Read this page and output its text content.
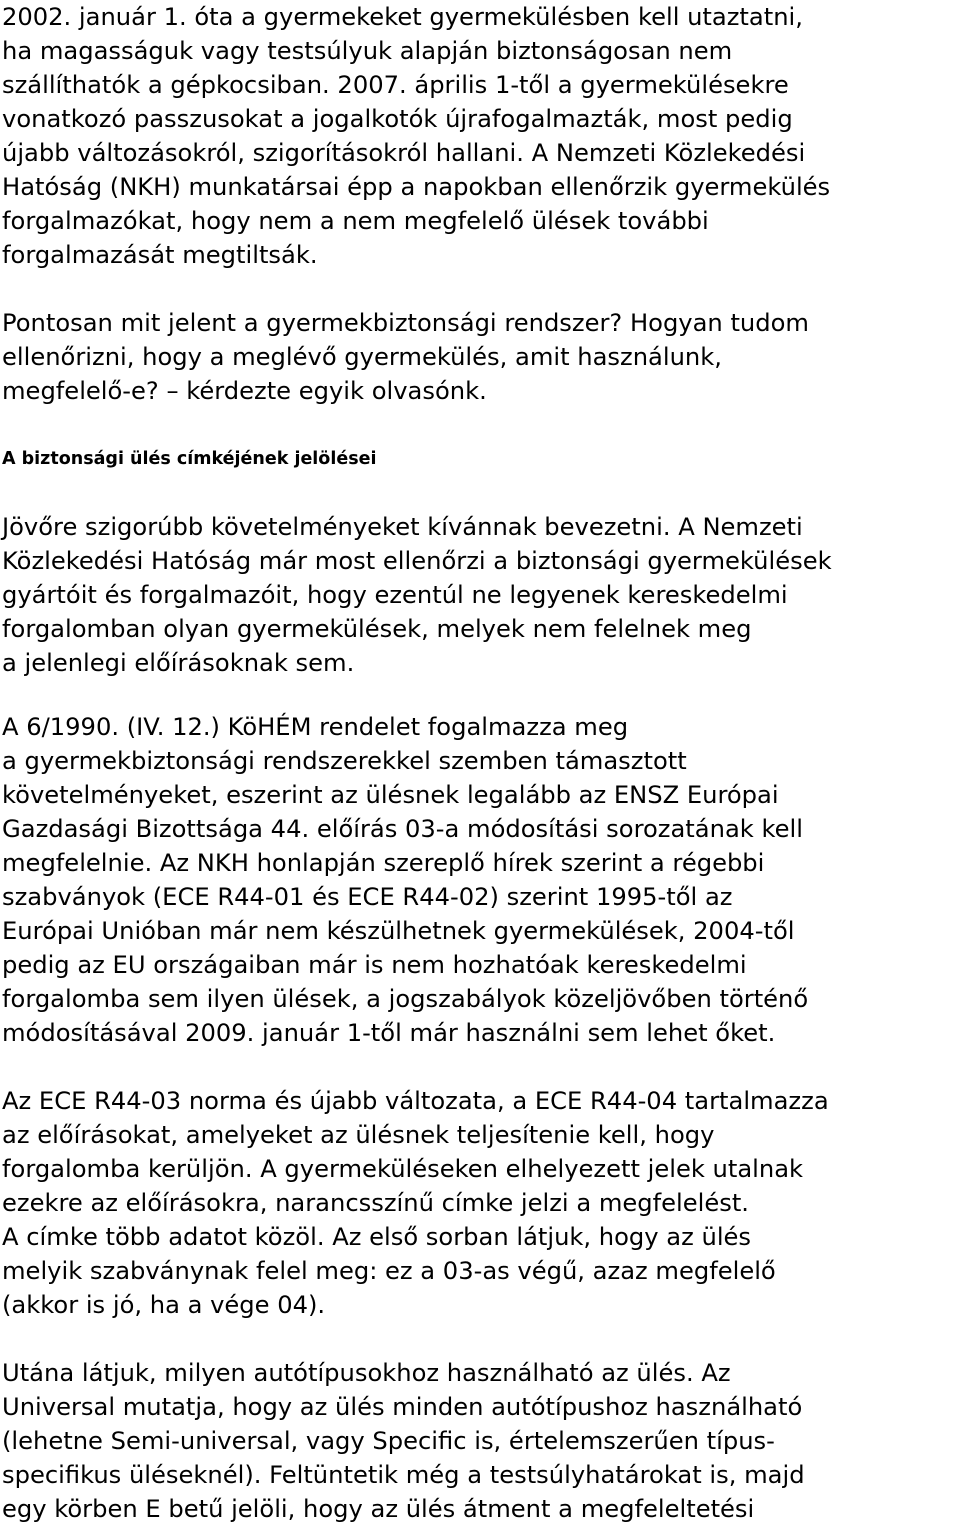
2002. január 1. óta a gyermekeket gyermekülésben kell utaztatni,
ha magasságuk vagy testsúlyuk alapján biztonságosan nem
szállíthatók a gépkocsiban. 2007. április 1-től a gyermekülésekre
vonatkozó passzusokat a jogalkotók újrafogalmazták, most pedig
újabb változásokról, szigorításokról hallani. A Nemzeti Közlekedési
Hatóság (NKH) munkatársai épp a napokban ellenőrzik gyermekülés
forgalmazókat, hogy nem a nem megfelelő ülések további
forgalmazását megtiltsák.
Pontosan mit jelent a gyermekbiztonsági rendszer? Hogyan tudom
ellenőrizni, hogy a meglévő gyermekülés, amit használunk,
megfelelő-e? – kérdezte egyik olvasónk.
A biztonsági ülés címkéjének jelölései
Jövőre szigorúbb követelményeket kívánnak bevezetni. A Nemzeti
Közlekedési Hatóság már most ellenőrzi a biztonsági gyermekülések
gyártóit és forgalmazóit, hogy ezentúl ne legyenek kereskedelmi
forgalomban olyan gyermekülések, melyek nem felelnek meg
a jelenlegi előírásoknak sem.
A 6/1990. (IV. 12.) KöHÉM rendelet fogalmazza meg
a gyermekbiztonsági rendszerekkel szemben támasztott
követelményeket, eszerint az ülésnek legalább az ENSZ Európai
Gazdasági Bizottsága 44. előírás 03-a módosítási sorozatának kell
megfelelnie. Az NKH honlapján szereplő hírek szerint a régebbi
szabványok (ECE R44-01 és ECE R44-02) szerint 1995-től az
Európai Unióban már nem készülhetnek gyermekülések, 2004-től
pedig az EU országaiban már is nem hozhatóak kereskedelmi
forgalomba sem ilyen ülések, a jogszabályok közeljövőben történő
módosításával 2009. január 1-től már használni sem lehet őket.
Az ECE R44-03 norma és újabb változata, a ECE R44-04 tartalmazza
az előírásokat, amelyeket az ülésnek teljesítenie kell, hogy
forgalomba kerüljön. A gyermeküléseken elhelyezett jelek utalnak
ezekre az előírásokra, narancsszínű címke jelzi a megfelelést.
A címke több adatot közöl. Az első sorban látjuk, hogy az ülés
melyik szabványnak felel meg: ez a 03-as végű, azaz megfelelő
(akkor is jó, ha a vége 04).
Utána látjuk, milyen autótípusokhoz használható az ülés. Az
Universal mutatja, hogy az ülés minden autótípushoz használható
(lehetne Semi-universal, vagy Specific is, értelemszerűen típus-
specifikus üléseknél). Feltüntetik még a testsúlyhatárokat is, majd
egy körben E betű jelöli, hogy az ülés átment a megfeleltetési
